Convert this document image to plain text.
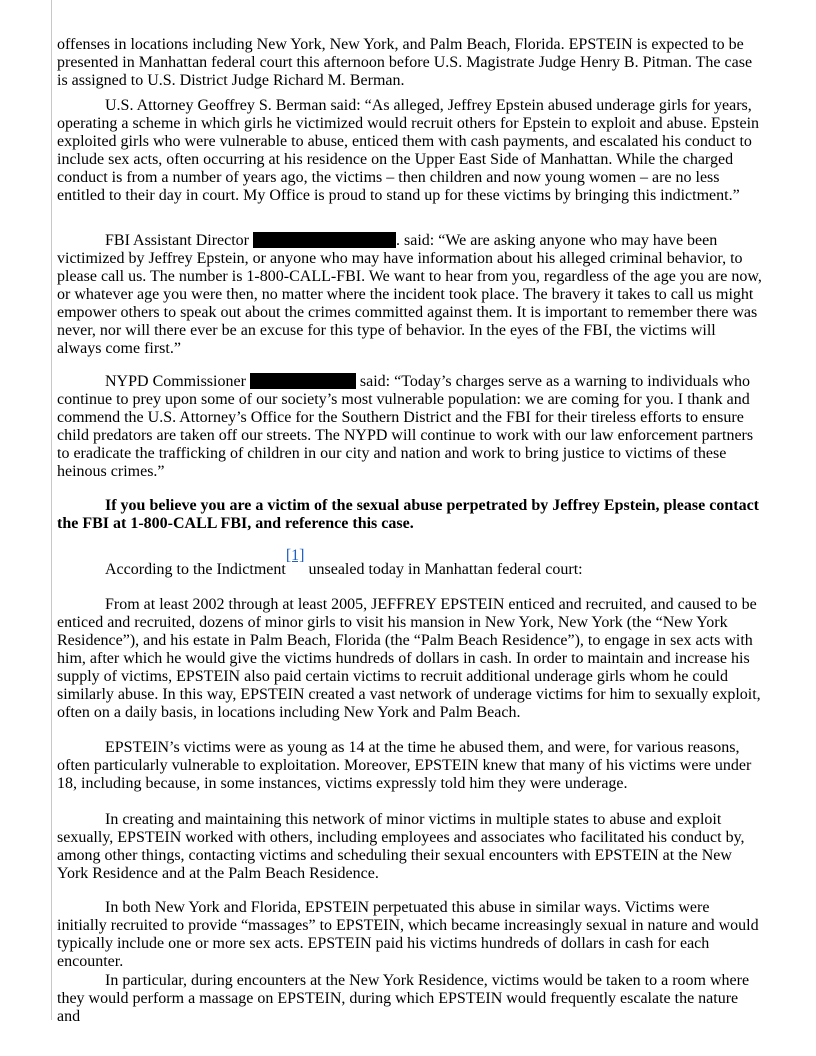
offenses in locations including New York, New York, and Palm Beach, Florida. EPSTEIN is expected to be presented in Manhattan federal court this afternoon before U.S. Magistrate Judge Henry B. Pitman. The case is assigned to U.S. District Judge Richard M. Berman.

U.S. Attorney Geoffrey S. Berman said: “As alleged, Jeffrey Epstein abused underage girls for years, operating a scheme in which girls he victimized would recruit others for Epstein to exploit and abuse. Epstein exploited girls who were vulnerable to abuse, enticed them with cash payments, and escalated his conduct to include sex acts, often occurring at his residence on the Upper East Side of Manhattan. While the charged conduct is from a number of years ago, the victims – then children and now young women – are no less entitled to their day in court. My Office is proud to stand up for these victims by bringing this indictment.”

FBI Assistant Director	. said: “We are asking anyone who may have been victimized by Jeffrey Epstein, or anyone who may have information about his alleged criminal behavior, to please call us. The number is 1-800-CALL-FBI. We want to hear from you, regardless of the age you are now, or whatever age you were then, no matter where the incident took place. The bravery it takes to call us might empower others to speak out about the crimes committed against them. It is important to remember there was never, nor will there ever be an excuse for this type of behavior. In the eyes of the FBI, the victims will always come first.”

NYPD Commissioner	said: “Today’s charges serve as a warning to individuals who continue to prey upon some of our society’s most vulnerable population: we are coming for you. I thank and commend the U.S. Attorney’s Office for the Southern District and the FBI for their tireless efforts to ensure child predators are taken off our streets. The NYPD will continue to work with our law enforcement partners to eradicate the trafficking of children in our city and nation and work to bring justice to victims of these heinous crimes.”

If you believe you are a victim of the sexual abuse perpetrated by Jeffrey Epstein, please contact the FBI at 1-800-CALL FBI, and reference this case.

According to the Indictment[1] unsealed today in Manhattan federal court:

From at least 2002 through at least 2005, JEFFREY EPSTEIN enticed and recruited, and caused to be enticed and recruited, dozens of minor girls to visit his mansion in New York, New York (the “New York Residence”), and his estate in Palm Beach, Florida (the “Palm Beach Residence”), to engage in sex acts with him, after which he would give the victims hundreds of dollars in cash. In order to maintain and increase his supply of victims, EPSTEIN also paid certain victims to recruit additional underage girls whom he could similarly abuse. In this way, EPSTEIN created a vast network of underage victims for him to sexually exploit, often on a daily basis, in locations including New York and Palm Beach.

EPSTEIN’s victims were as young as 14 at the time he abused them, and were, for various reasons, often particularly vulnerable to exploitation. Moreover, EPSTEIN knew that many of his victims were under 18, including because, in some instances, victims expressly told him they were underage.

In creating and maintaining this network of minor victims in multiple states to abuse and exploit sexually, EPSTEIN worked with others, including employees and associates who facilitated his conduct by, among other things, contacting victims and scheduling their sexual encounters with EPSTEIN at the New York Residence and at the Palm Beach Residence.

In both New York and Florida, EPSTEIN perpetuated this abuse in similar ways. Victims were initially recruited to provide “massages” to EPSTEIN, which became increasingly sexual in nature and would typically include one or more sex acts. EPSTEIN paid his victims hundreds of dollars in cash for each encounter.

In particular, during encounters at the New York Residence, victims would be taken to a room where they would perform a massage on EPSTEIN, during which EPSTEIN would frequently escalate the nature and
